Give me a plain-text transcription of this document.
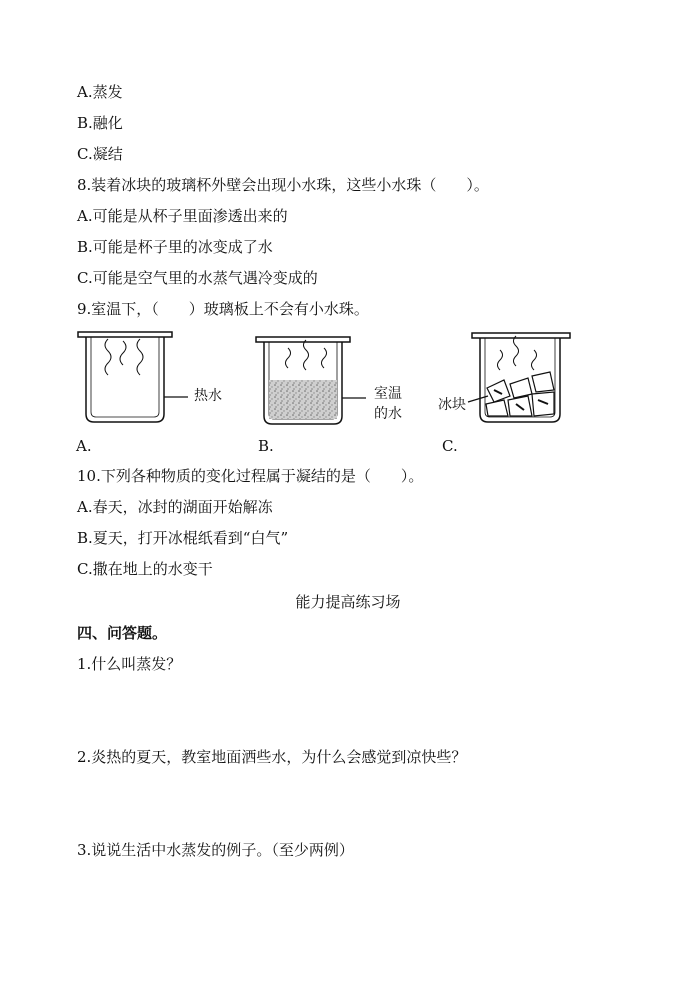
A.蒸发
B.融化
C.凝结
8.装着冰块的玻璃杯外壁会出现小水珠，这些小水珠（　　）。
A.可能是从杯子里面渗透出来的
B.可能是杯子里的冰变成了水
C.可能是空气里的水蒸气遇冷变成的
9.室温下，（　　）玻璃板上不会有小水珠。
热水	室温
的水
冰块
A.	B.	C.
10.下列各种物质的变化过程属于凝结的是（　　）。
A.春天，冰封的湖面开始解冻
B.夏天，打开冰棍纸看到“白气”
C.撒在地上的水变干
能力提高练习场
四、问答题。
1.什么叫蒸发？
2.炎热的夏天，教室地面洒些水，为什么会感觉到凉快些？
3.说说生活中水蒸发的例子。（至少两例）
